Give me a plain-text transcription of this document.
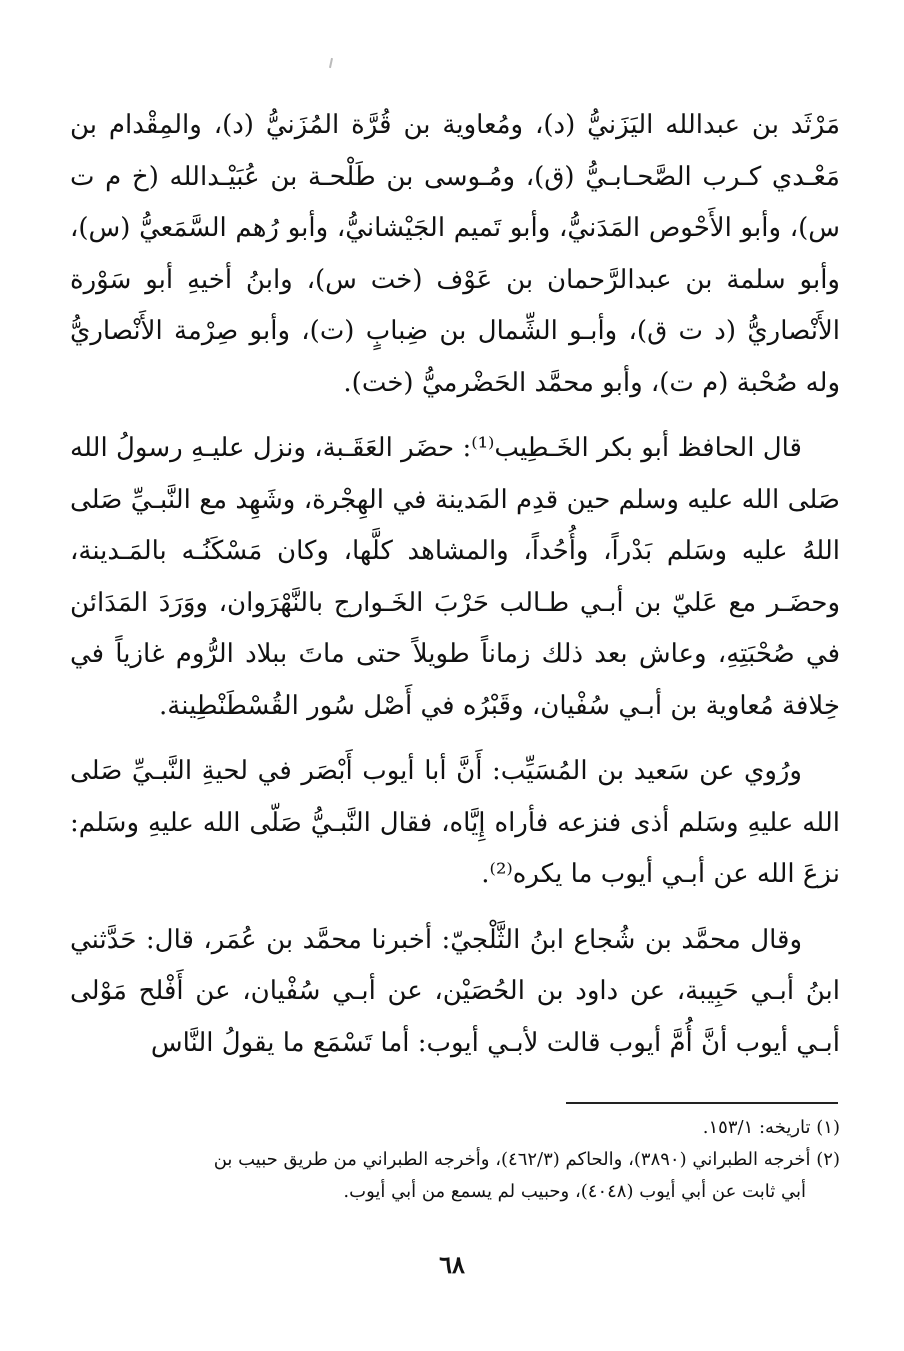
مَرْثَد بن عبدالله اليَزَنيُّ (د)، ومُعاوية بن قُرَّة المُزَنيُّ (د)، والمِقْدام بن مَعْـدي كـرب الصَّحـابـيُّ (ق)، ومُـوسى بن طَلْحـة بن عُبَيْـدالله (خ م ت س)، وأبو الأَحْوص المَدَنيُّ، وأبو تَميم الجَيْشانيُّ، وأبو رُهم السَّمَعيُّ (س)، وأبو سلمة بن عبدالرَّحمان بن عَوْف (خت س)، وابنُ أخيهِ أبو سَوْرة الأَنْصاريُّ (د ت ق)، وأبـو الشِّمال بن ضِبابٍ (ت)، وأبو صِرْمة الأَنْصاريُّ وله صُحْبة (م ت)، وأبو محمَّد الحَضْرميُّ (خت).

قال الحافظ أبو بكر الخَـطِيب⁽¹⁾: حضَر العَقَـبة، ونزل عليـهِ رسولُ الله صَلى الله عليه وسلم حين قدِم المَدينة في الهِجْرة، وشَهِد مع النَّبـيِّ صَلى اللهُ عليه وسَلم بَدْراً، وأُحُداً، والمشاهد كلَّها، وكان مَسْكَنُـه بالمَـدينة، وحضَـر مع عَليّ بن أبـي طـالب حَرْبَ الخَـوارج بالنَّهْرَوان، ووَرَدَ المَدَائن في صُحْبَتِهِ، وعاش بعد ذلك زماناً طويلاً حتى ماتَ ببلاد الرُّوم غازياً في خِلافة مُعاوية بن أبـي سُفْيان، وقَبْرُه في أَصْل سُور القُسْطَنْطِينة.

ورُوي عن سَعيد بن المُسَيِّب: أَنَّ أبا أيوب أَبْصَر في لحيةِ النَّبـيِّ صَلى الله عليهِ وسَلم أذى فنزعه فأراه إِيَّاه، فقال النَّبـيُّ صَلّى الله عليهِ وسَلم: نزعَ الله عن أبـي أيوب ما يكره⁽²⁾.

وقال محمَّد بن شُجاع ابنُ الثَّلْجيّ: أخبرنا محمَّد بن عُمَر، قال: حَدَّثني ابنُ أبـي حَبِيبة، عن داود بن الحُصَيْن، عن أبـي سُفْيان، عن أَفْلح مَوْلى أبـي أيوب أنَّ أُمَّ أيوب قالت لأبـي أيوب: أما تَسْمَع ما يقولُ النَّاس

(١) تاريخه: ١٥٣/١.

(٢) أخرجه الطبراني (٣٨٩٠)، والحاكم (٤٦٢/٣)، وأخرجه الطبراني من طريق حبيب بن
أبي ثابت عن أبي أيوب (٤٠٤٨)، وحبيب لم يسمع من أبي أيوب.

٦٨
